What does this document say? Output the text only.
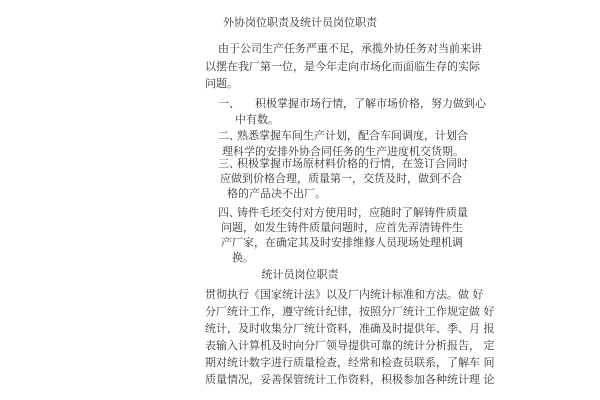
外协岗位职责及统计员岗位职责
由于公司生产任务严重不足，承揽外协任务对当前来讲
以摆在我厂第一位，是今年走向市场化而面临生存的实际
问题。
一、 积极掌握市场行情，了解市场价格，努力做到心
中有数。
二、
熟悉掌握车间生产计划，配合车间调度，计划合
理科学的安排外协合同任务的生产进度机交货期。
三、
积极掌握市场原材料价格的行情，在签订合同时
应做到价格合理，质量第一，交货及时，做到不合
格的产品决不出厂。
四、
铸件毛坯交付对方使用时，应随时了解铸件质量
问题，如发生铸件质量问题时，应首先弄清铸件生
产厂家，在确定其及时安排维修人员现场处理机调
换。
统计员岗位职责
贯彻执行《国家统计法》以及厂内统计标准和方法。做 好
分厂统计工作，遵守统计纪律，按照分厂统计工作规定做 好
统计，及时收集分厂统计资料，准确及时提供年、季、月 报
表输入计算机及时向分厂领导提供可靠的统计分析报告， 定
期对统计数字进行质量检查，经常和检查员联系，了解车 间
质量情况，妥善保管统计工作资料，积极参加各种统计理 论
